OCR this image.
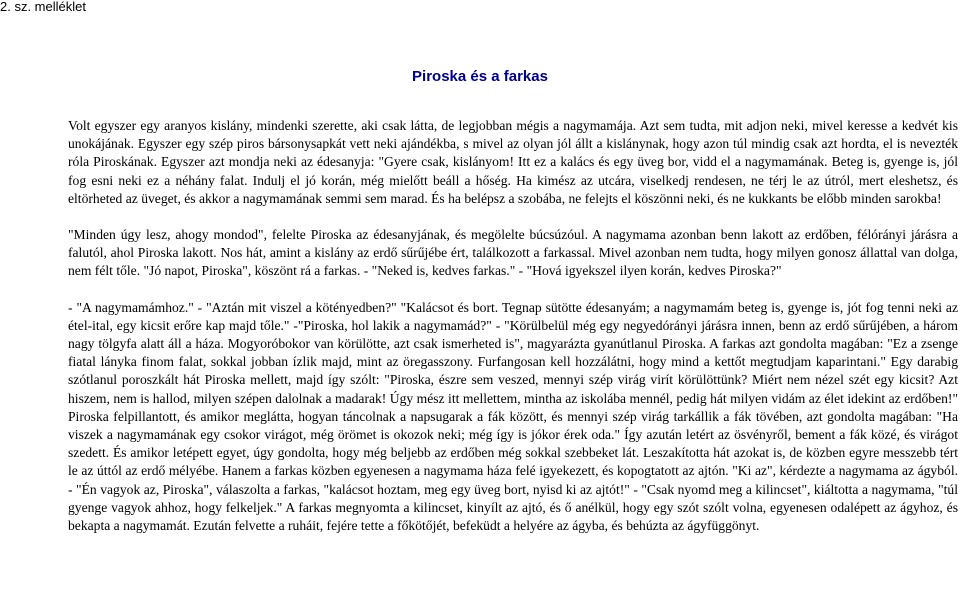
2. sz. melléklet
Piroska és a farkas

Volt egyszer egy aranyos kislány, mindenki szerette, aki csak látta, de legjobban mégis a nagymamája. Azt sem tudta, mit adjon neki, mivel keresse a kedvét kis unokájának. Egyszer egy szép piros bársonysapkát vett neki ajándékba, s mivel az olyan jól állt a kislánynak, hogy azon túl mindig csak azt hordta, el is nevezték róla Piroskának. Egyszer azt mondja neki az édesanyja: "Gyere csak, kislányom! Itt ez a kalács és egy üveg bor, vidd el a nagymamának. Beteg is, gyenge is, jól fog esni neki ez a néhány falat. Indulj el jó korán, még mielőtt beáll a hőség. Ha kimész az utcára, viselkedj rendesen, ne térj le az útról, mert eleshetsz, és eltörheted az üveget, és akkor a nagymamának semmi sem marad. És ha belépsz a szobába, ne felejts el köszönni neki, és ne kukkants be előbb minden sarokba!

"Minden úgy lesz, ahogy mondod", felelte Piroska az édesanyjának, és megölelte búcsúzóul. A nagymama azonban benn lakott az erdőben, félórányi járásra a falutól, ahol Piroska lakott. Nos hát, amint a kislány az erdő sűrűjébe ért, találkozott a farkassal. Mivel azonban nem tudta, hogy milyen gonosz állattal van dolga, nem félt tőle. "Jó napot, Piroska", köszönt rá a farkas. - "Neked is, kedves farkas." - "Hová igyekszel ilyen korán, kedves Piroska?"

- "A nagymamámhoz." - "Aztán mit viszel a kötényedben?" "Kalácsot és bort. Tegnap sütötte édesanyám; a nagymamám beteg is, gyenge is, jót fog tenni neki az étel-ital, egy kicsit erőre kap majd tőle." -"Piroska, hol lakik a nagymamád?" - "Körülbelül még egy negyedórányi járásra innen, benn az erdő sűrűjében, a három nagy tölgyfa alatt áll a háza. Mogyoróbokor van körülötte, azt csak ismerheted is", magyarázta gyanútlanul Piroska. A farkas azt gondolta magában: "Ez a zsenge fiatal lányka finom falat, sokkal jobban ízlik majd, mint az öregasszony. Furfangosan kell hozzálátni, hogy mind a kettőt megtudjam kaparintani." Egy darabig szótlanul poroszkált hát Piroska mellett, majd így szólt: "Piroska, észre sem veszed, mennyi szép virág virít körülöttünk? Miért nem nézel szét egy kicsit? Azt hiszem, nem is hallod, milyen szépen dalolnak a madarak! Úgy mész itt mellettem, mintha az iskolába mennél, pedig hát milyen vidám az élet idekint az erdőben!" Piroska felpillantott, és amikor meglátta, hogyan táncolnak a napsugarak a fák között, és mennyi szép virág tarkállik a fák tövében, azt gondolta magában: "Ha viszek a nagymamának egy csokor virágot, még örömet is okozok neki; még így is jókor érek oda." Így azután letért az ösvényről, bement a fák közé, és virágot szedett. És amikor letépett egyet, úgy gondolta, hogy még beljebb az erdőben még sokkal szebbeket lát. Leszakította hát azokat is, de közben egyre messzebb tért le az úttól az erdő mélyébe. Hanem a farkas közben egyenesen a nagymama háza felé igyekezett, és kopogtatott az ajtón. "Ki az", kérdezte a nagymama az ágyból. - "Én vagyok az, Piroska", válaszolta a farkas, "kalácsot hoztam, meg egy üveg bort, nyisd ki az ajtót!" - "Csak nyomd meg a kilincset", kiáltotta a nagymama, "túl gyenge vagyok ahhoz, hogy felkeljek." A farkas megnyomta a kilincset, kinyílt az ajtó, és ő anélkül, hogy egy szót szólt volna, egyenesen odalépett az ágyhoz, és bekapta a nagymamát. Ezután felvette a ruháit, fejére tette a főkötőjét, befeküdt a helyére az ágyba, és behúzta az ágyfüggönyt.
